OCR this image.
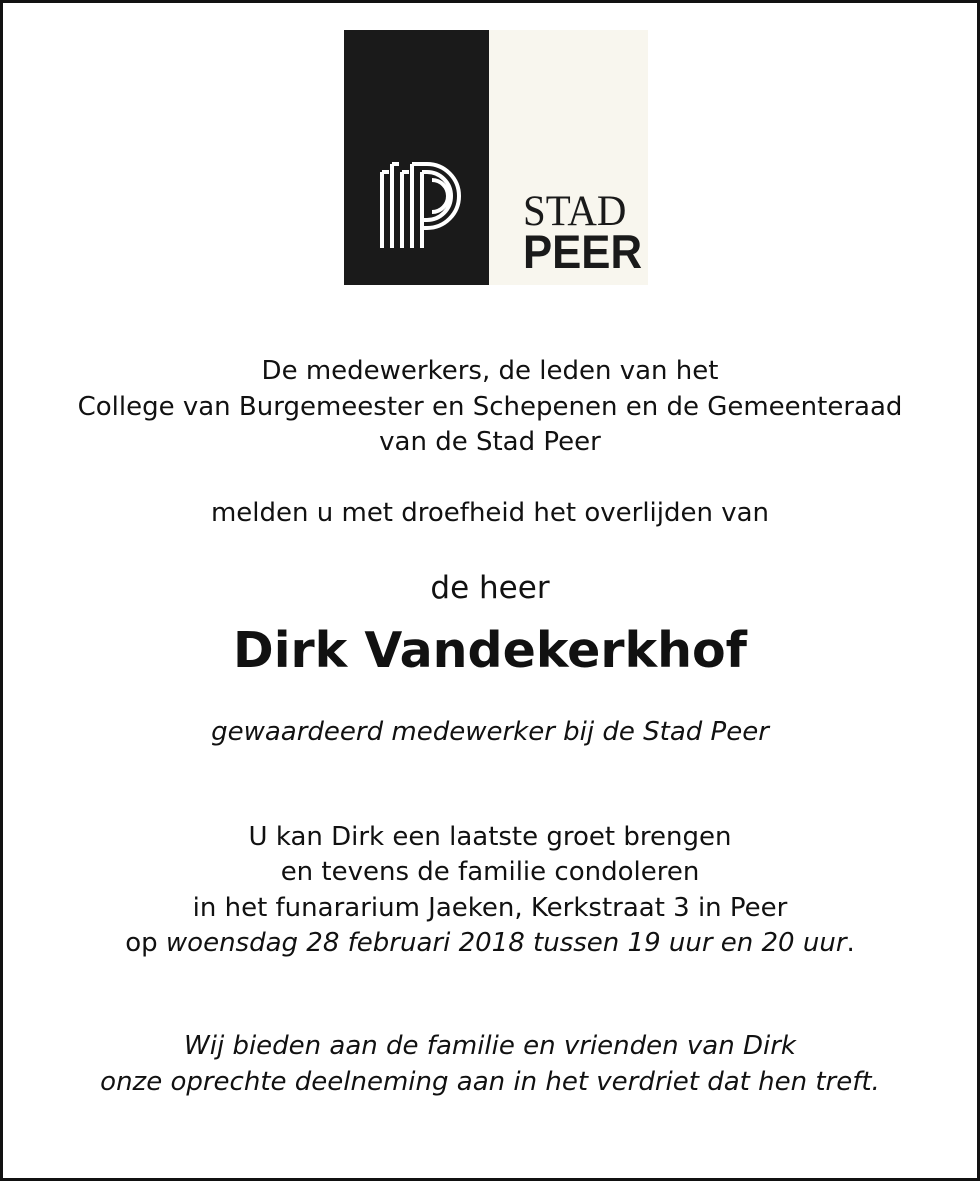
STAD
PEER
De medewerkers, de leden van het
College van Burgemeester en Schepenen en de Gemeenteraad
van de Stad Peer
melden u met droefheid het overlijden van
de heer
Dirk Vandekerkhof
gewaardeerd medewerker bij de Stad Peer
U kan Dirk een laatste groet brengen
en tevens de familie condoleren
in het funararium Jaeken, Kerkstraat 3 in Peer
op woensdag 28 februari 2018 tussen 19 uur en 20 uur.
Wij bieden aan de familie en vrienden van Dirk
onze oprechte deelneming aan in het verdriet dat hen treft.
